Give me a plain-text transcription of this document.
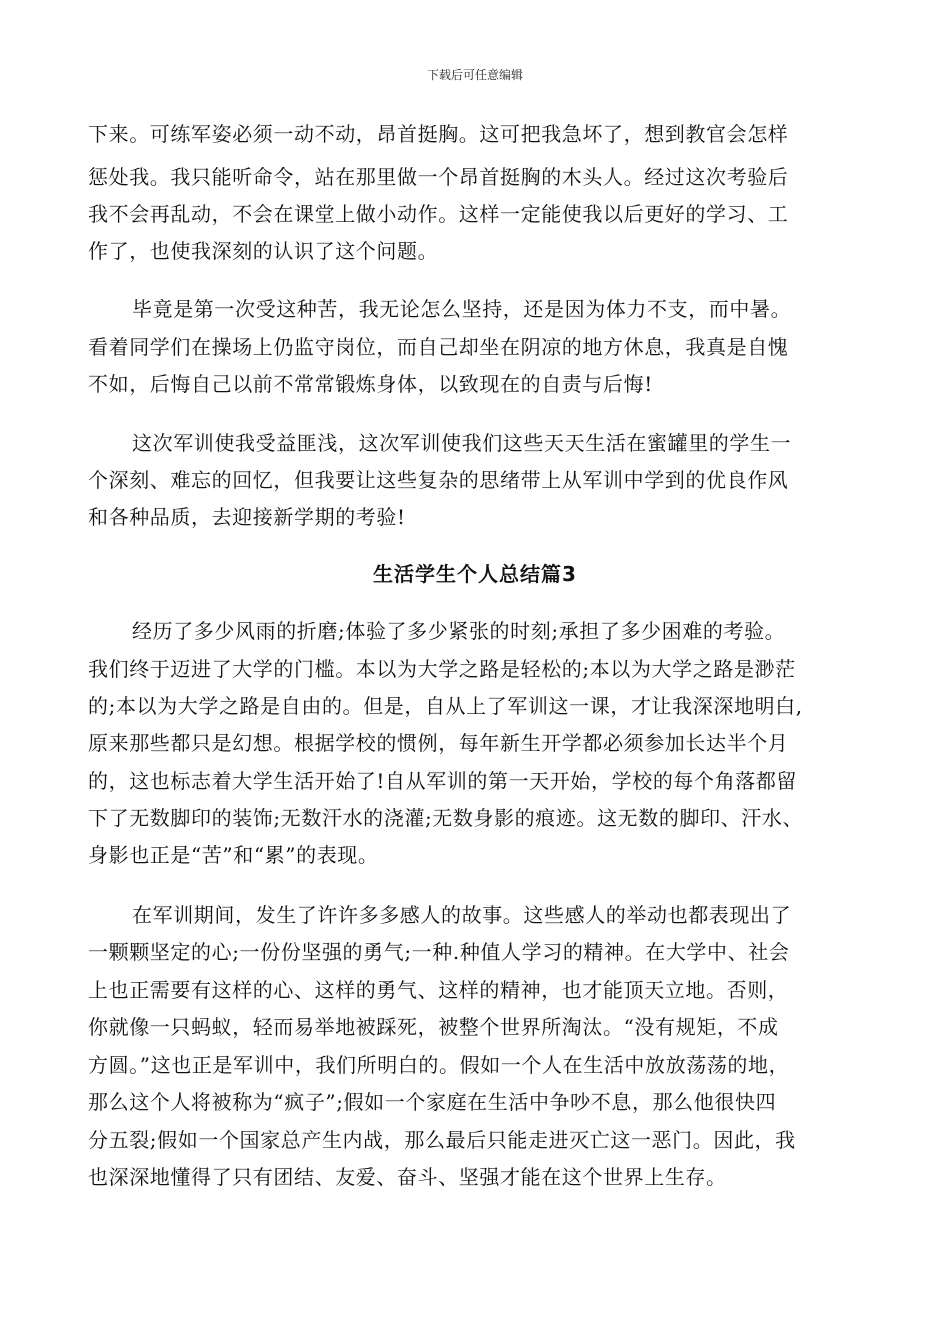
下载后可任意编辑
下来。可练军姿必须一动不动，昂首挺胸。这可把我急坏了，想到教官会怎样
惩处我。我只能听命令，站在那里做一个昂首挺胸的木头人。经过这次考验后
我不会再乱动，不会在课堂上做小动作。这样一定能使我以后更好的学习、工
作了，也使我深刻的认识了这个问题。
毕竟是第一次受这种苦，我无论怎么坚持，还是因为体力不支，而中暑。
看着同学们在操场上仍监守岗位，而自己却坐在阴凉的地方休息，我真是自愧
不如，后悔自己以前不常常锻炼身体，以致现在的自责与后悔!
这次军训使我受益匪浅，这次军训使我们这些天天生活在蜜罐里的学生一
个深刻、难忘的回忆，但我要让这些复杂的思绪带上从军训中学到的优良作风
和各种品质，去迎接新学期的考验!
生活学生个人总结篇3
经历了多少风雨的折磨;体验了多少紧张的时刻;承担了多少困难的考验。
我们终于迈进了大学的门槛。本以为大学之路是轻松的;本以为大学之路是渺茫
的;本以为大学之路是自由的。但是，自从上了军训这一课，才让我深深地明白,
原来那些都只是幻想。根据学校的惯例，每年新生开学都必须参加长达半个月
的，这也标志着大学生活开始了!自从军训的第一天开始，学校的每个角落都留
下了无数脚印的装饰;无数汗水的浇灌;无数身影的痕迹。这无数的脚印、汗水、
身影也正是“苦”和“累”的表现。
在军训期间，发生了许许多多感人的故事。这些感人的举动也都表现出了
一颗颗坚定的心;一份份坚强的勇气;一种.种值人学习的精神。在大学中、社会
上也正需要有这样的心、这样的勇气、这样的精神，也才能顶天立地。否则，
你就像一只蚂蚁，轻而易举地被踩死，被整个世界所淘汰。“没有规矩，不成
方圆。”这也正是军训中，我们所明白的。假如一个人在生活中放放荡荡的地，
那么这个人将被称为“疯子”;假如一个家庭在生活中争吵不息，那么他很快四
分五裂;假如一个国家总产生内战，那么最后只能走进灭亡这一恶门。因此，我
也深深地懂得了只有团结、友爱、奋斗、坚强才能在这个世界上生存。
